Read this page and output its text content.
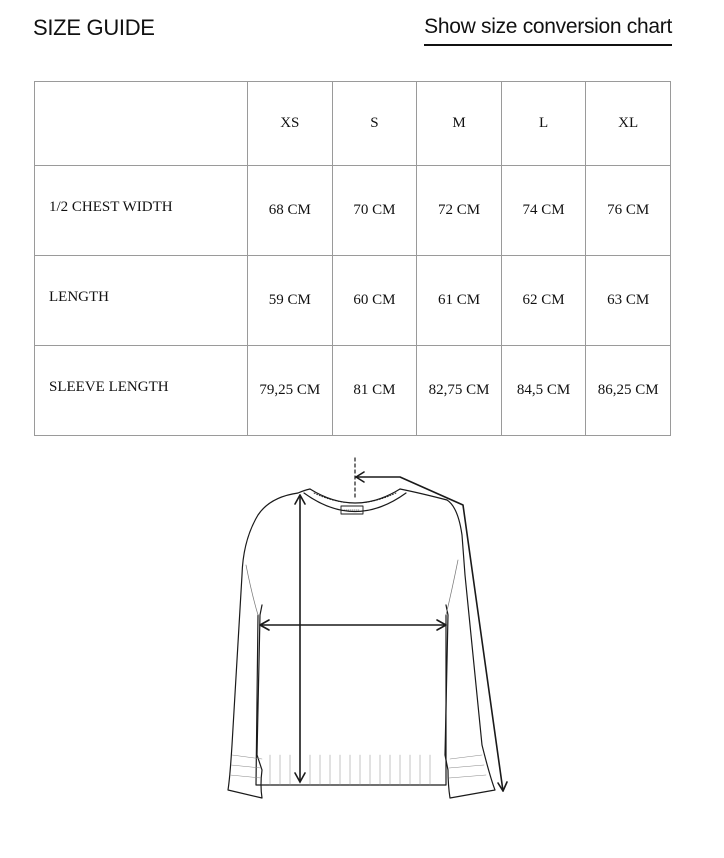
SIZE GUIDE	Show size conversion chart
	XS	S	M	L	XL
1/2 CHEST WIDTH	68 CM	70 CM	72 CM	74 CM	76 CM
LENGTH	59 CM	60 CM	61 CM	62 CM	63 CM
SLEEVE LENGTH	79,25 CM	81 CM	82,75 CM	84,5 CM	86,25 CM
